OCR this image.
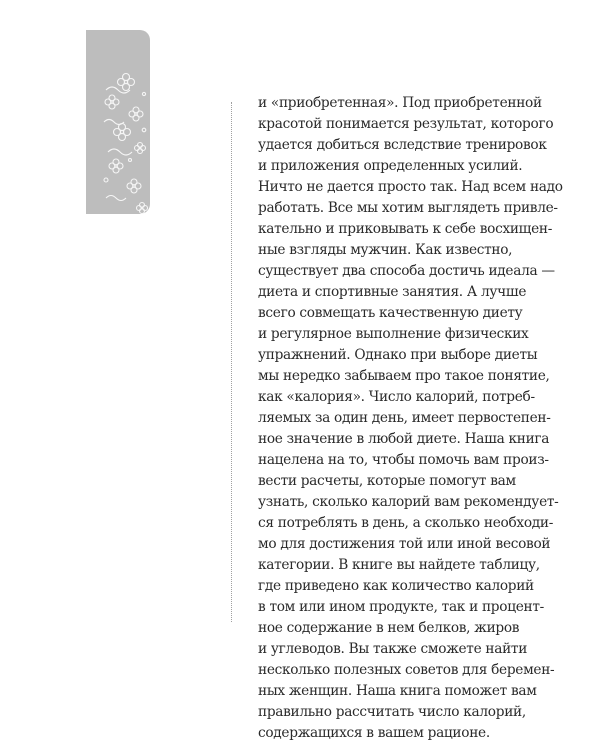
и «приобретенная». Под приобретенной
красотой понимается результат, которого
удается добиться вследствие тренировок
и приложения определенных усилий.
Ничто не дается просто так. Над всем надо
работать. Все мы хотим выглядеть привле-
кательно и приковывать к себе восхищен-
ные взгляды мужчин. Как известно,
существует два способа достичь идеала —
диета и спортивные занятия. А лучше
всего совмещать качественную диету
и регулярное выполнение физических
упражнений. Однако при выборе диеты
мы нередко забываем про такое понятие,
как «калория». Число калорий, потреб-
ляемых за один день, имеет первостепен-
ное значение в любой диете. Наша книга
нацелена на то, чтобы помочь вам произ-
вести расчеты, которые помогут вам
узнать, сколько калорий вам рекомендует-
ся потреблять в день, а сколько необходи-
мо для достижения той или иной весовой
категории. В книге вы найдете таблицу,
где приведено как количество калорий
в том или ином продукте, так и процент-
ное содержание в нем белков, жиров
и углеводов. Вы также сможете найти
несколько полезных советов для беремен-
ных женщин. Наша книга поможет вам
правильно рассчитать число калорий,
содержащихся в вашем рационе.
